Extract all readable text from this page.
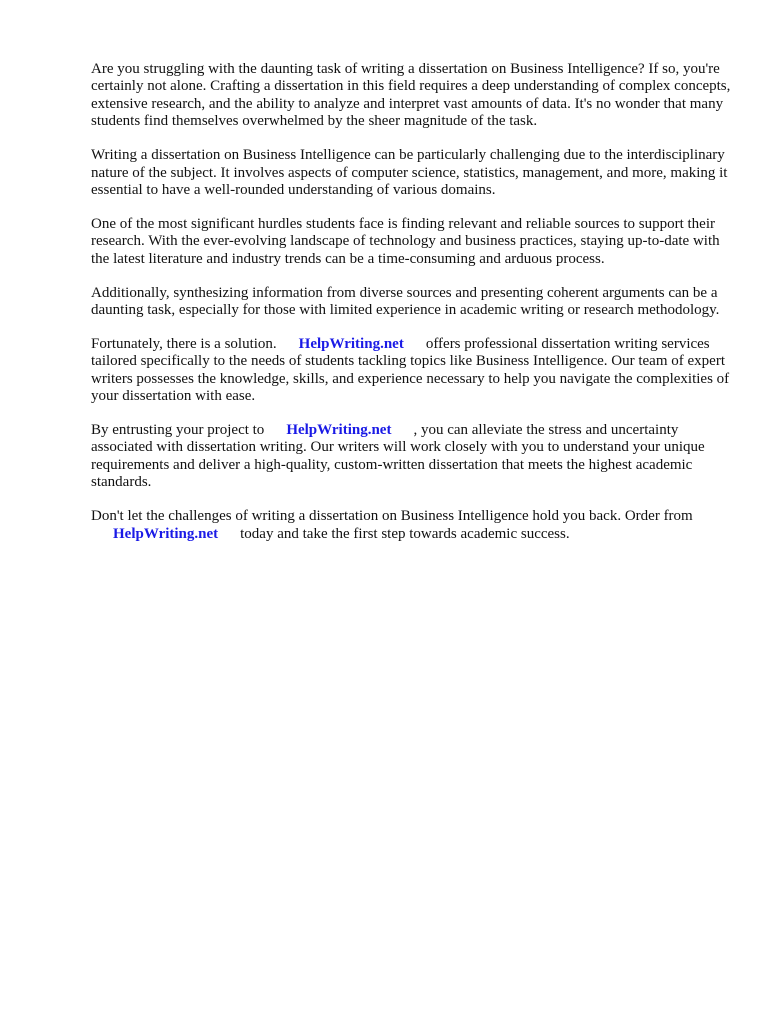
Are you struggling with the daunting task of writing a dissertation on Business Intelligence? If so, you're certainly not alone. Crafting a dissertation in this field requires a deep understanding of complex concepts, extensive research, and the ability to analyze and interpret vast amounts of data. It's no wonder that many students find themselves overwhelmed by the sheer magnitude of the task.

Writing a dissertation on Business Intelligence can be particularly challenging due to the interdisciplinary nature of the subject. It involves aspects of computer science, statistics, management, and more, making it essential to have a well-rounded understanding of various domains.

One of the most significant hurdles students face is finding relevant and reliable sources to support their research. With the ever-evolving landscape of technology and business practices, staying up-to-date with the latest literature and industry trends can be a time-consuming and arduous process.

Additionally, synthesizing information from diverse sources and presenting coherent arguments can be a daunting task, especially for those with limited experience in academic writing or research methodology.

Fortunately, there is a solution. HelpWriting.net offers professional dissertation writing services tailored specifically to the needs of students tackling topics like Business Intelligence. Our team of expert writers possesses the knowledge, skills, and experience necessary to help you navigate the complexities of your dissertation with ease.

By entrusting your project to HelpWriting.net , you can alleviate the stress and uncertainty associated with dissertation writing. Our writers will work closely with you to understand your unique requirements and deliver a high-quality, custom-written dissertation that meets the highest academic standards.

Don't let the challenges of writing a dissertation on Business Intelligence hold you back. Order from
HelpWriting.net today and take the first step towards academic success.
